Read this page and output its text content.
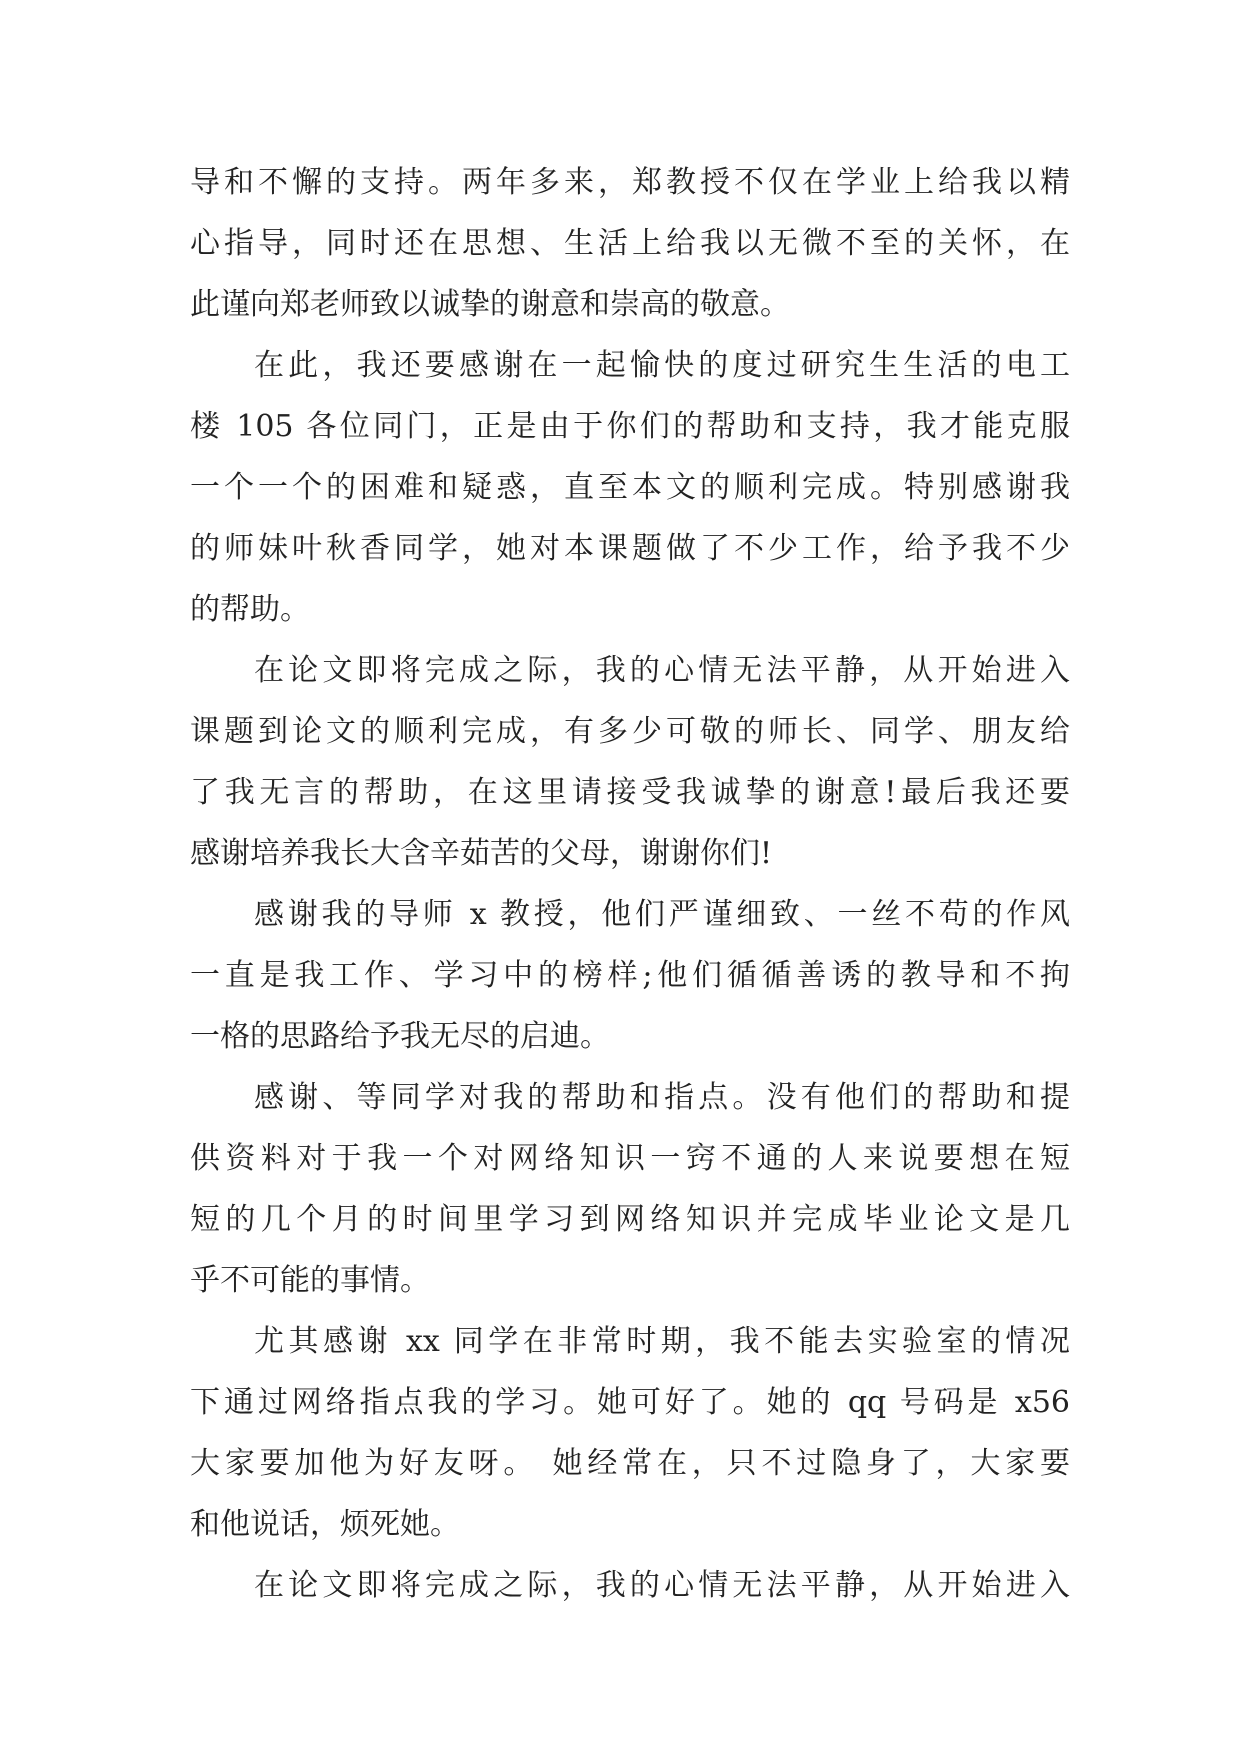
导和不懈的支持。两年多来，郑教授不仅在学业上给我以精
心指导，同时还在思想、生活上给我以无微不至的关怀，在
此谨向郑老师致以诚挚的谢意和崇高的敬意。
在此，我还要感谢在一起愉快的度过研究生生活的电工
楼 105 各位同门，正是由于你们的帮助和支持，我才能克服
一个一个的困难和疑惑，直至本文的顺利完成。特别感谢我
的师妹叶秋香同学，她对本课题做了不少工作，给予我不少
的帮助。
在论文即将完成之际，我的心情无法平静，从开始进入
课题到论文的顺利完成，有多少可敬的师长、同学、朋友给
了我无言的帮助，在这里请接受我诚挚的谢意!最后我还要
感谢培养我长大含辛茹苦的父母，谢谢你们!
感谢我的导师 x 教授，他们严谨细致、一丝不苟的作风
一直是我工作、学习中的榜样;他们循循善诱的教导和不拘
一格的思路给予我无尽的启迪。
感谢、等同学对我的帮助和指点。没有他们的帮助和提
供资料对于我一个对网络知识一窍不通的人来说要想在短
短的几个月的时间里学习到网络知识并完成毕业论文是几
乎不可能的事情。
尤其感谢 xx 同学在非常时期，我不能去实验室的情况
下通过网络指点我的学习。她可好了。她的 qq 号码是 x56
大家要加他为好友呀。 她经常在，只不过隐身了，大家要
和他说话，烦死她。
在论文即将完成之际，我的心情无法平静，从开始进入
